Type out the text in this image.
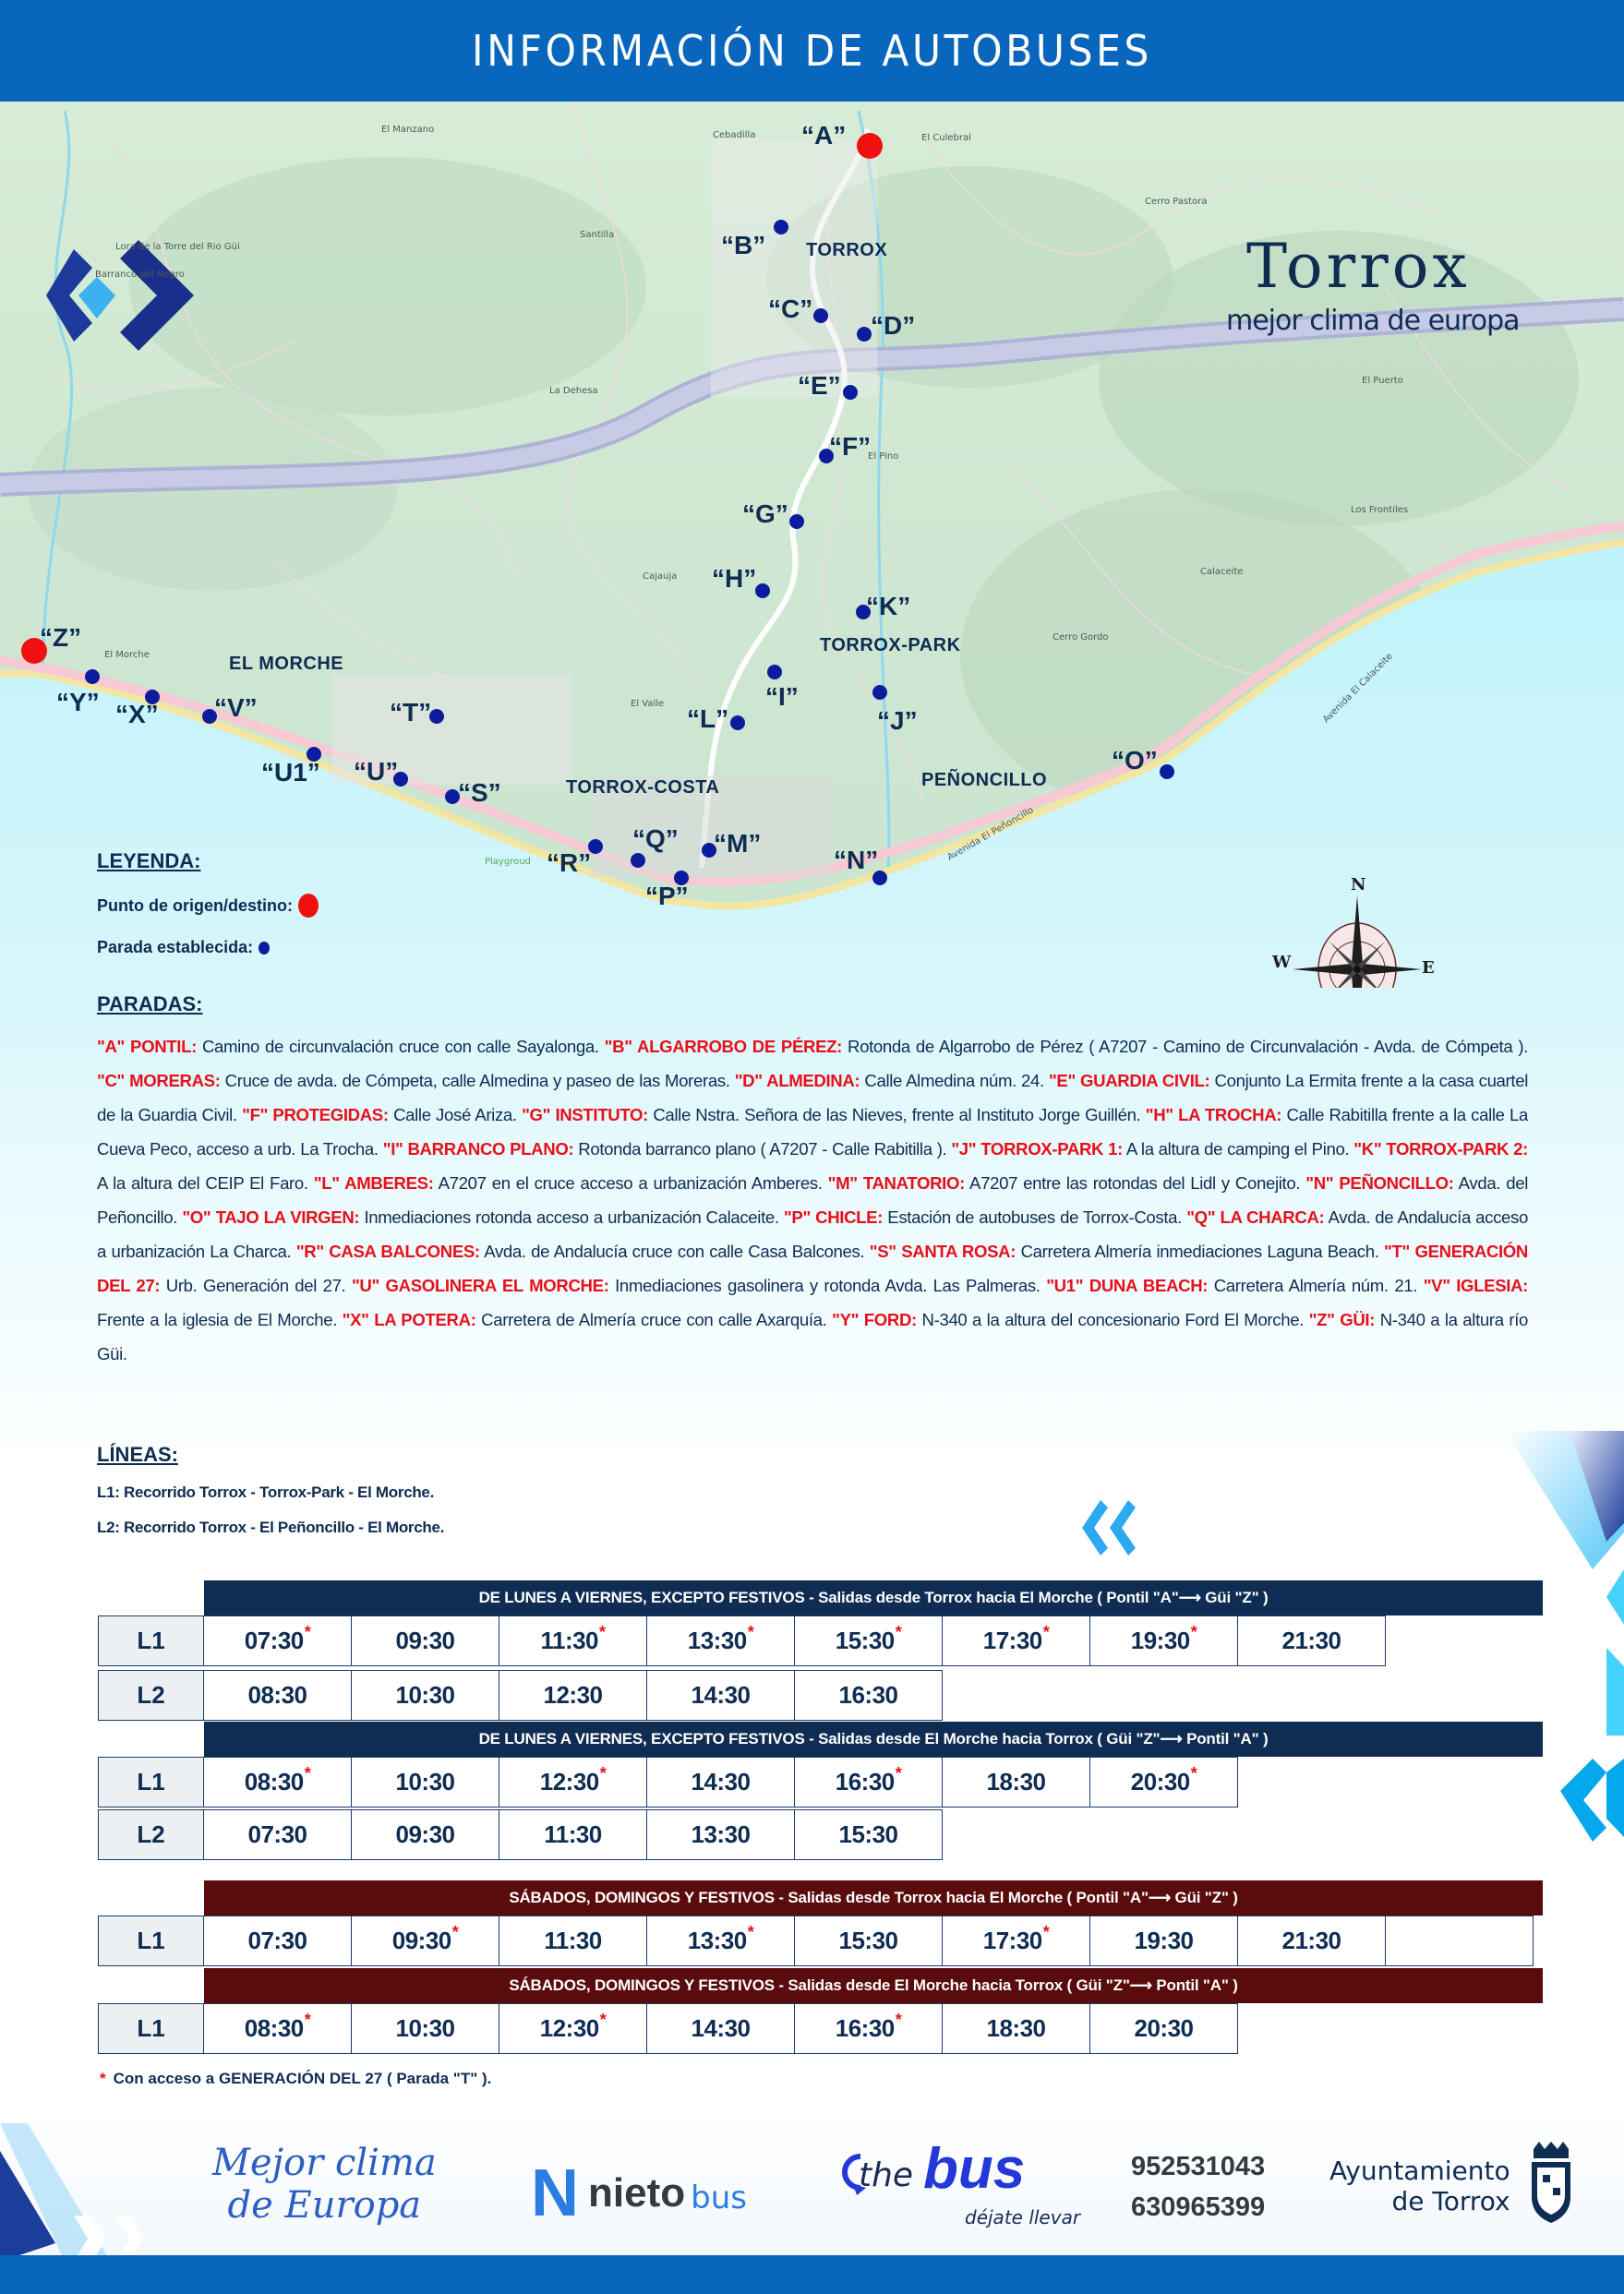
INFORMACIÓN DE AUTOBUSES
Lora de la Torre del Rio Güi
Barranco del Negro
El Manzano
Cebadilla	El Culebral
Cerro Pastora
Santilla
La Dehesa
El Pino
El Puerto
Los Frontiles
Cajauja	Calaceite
Cerro Gordo
El Valle
El Morche
Playgroud	Avenida El Peñoncillo
Avenida El Calaceite
Torrox
mejor clima de europa
TORROX
TORROX-PARK
EL MORCHE
TORROX-COSTA	PEÑONCILLO
“A”
“B”
“C”
“D”
“E”
“F”
“G”
“H”
“I”
“J”
“K”
“L”
“M”
“N”
“O”
“P”
“Q”
“R”
“S”
“T”
“U”
“U1”
“V”
“X”
“Y”
“Z”
N
E
W
LEYENDA:
Punto de origen/destino:
Parada establecida:
PARADAS:
"A" PONTIL: Camino de circunvalación cruce con calle Sayalonga. "B" ALGARROBO DE PÉREZ: Rotonda de Algarrobo de Pérez ( A7207 - Camino de Circunvalación - Avda. de Cómpeta ). "C" MORERAS: Cruce de avda. de Cómpeta, calle Almedina y paseo de las Moreras. "D" ALMEDINA: Calle Almedina núm. 24. "E" GUARDIA CIVIL: Conjunto La Ermita frente a la casa cuartel de la Guardia Civil. "F" PROTEGIDAS: Calle José Ariza. "G" INSTITUTO: Calle Nstra. Señora de las Nieves, frente al Instituto Jorge Guillén. "H" LA TROCHA: Calle Rabitilla frente a la calle La Cueva Peco, acceso a urb. La Trocha. "I" BARRANCO PLANO: Rotonda barranco plano ( A7207 - Calle Rabitilla ). "J" TORROX-PARK 1: A la altura de camping el Pino. "K" TORROX-PARK 2: A la altura del CEIP El Faro. "L" AMBERES: A7207 en el cruce acceso a urbanización Amberes. "M" TANATORIO: A7207 entre las rotondas del Lidl y Conejito. "N" PEÑONCILLO: Avda. del Peñoncillo. "O" TAJO LA VIRGEN: Inmediaciones rotonda acceso a urbanización Calaceite. "P" CHICLE: Estación de autobuses de Torrox-Costa. "Q" LA CHARCA: Avda. de Andalucía acceso a urbanización La Charca. "R" CASA BALCONES: Avda. de Andalucía cruce con calle Casa Balcones. "S" SANTA ROSA: Carretera Almería inmediaciones Laguna Beach. "T" GENERACIÓN DEL 27: Urb. Generación del 27. "U" GASOLINERA EL MORCHE: Inmediaciones gasolinera y rotonda Avda. Las Palmeras. "U1" DUNA BEACH: Carretera Almería núm. 21. "V" IGLESIA: Frente a la iglesia de El Morche. "X" LA POTERA: Carretera de Almería cruce con calle Axarquía. "Y" FORD: N-340 a la altura del concesionario Ford El Morche. "Z" GÜI: N-340 a la altura río Güi.
LÍNEAS:
L1: Recorrido Torrox - Torrox-Park - El Morche.
L2: Recorrido Torrox - El Peñoncillo - El Morche.
DE LUNES A VIERNES, EXCEPTO FESTIVOS - Salidas desde Torrox hacia El Morche ( Pontil "A"⟶ Güi "Z" )
L1	07:30 *	09:30	11:30 *	13:30 *	15:30 *	17:30 *	19:30 *	21:30
L2	08:30	10:30	12:30	14:30	16:30
DE LUNES A VIERNES, EXCEPTO FESTIVOS - Salidas desde El Morche hacia Torrox ( Güi "Z"⟶ Pontil "A" )
L1	08:30 *	10:30	12:30 *	14:30	16:30 *	18:30	20:30 *
L2	07:30	09:30	11:30	13:30	15:30
SÁBADOS, DOMINGOS Y FESTIVOS - Salidas desde Torrox hacia El Morche ( Pontil "A"⟶ Güi "Z" )
L1	07:30	09:30 *	11:30	13:30 *	15:30	17:30 *	19:30	21:30
SÁBADOS, DOMINGOS Y FESTIVOS - Salidas desde El Morche hacia Torrox ( Güi "Z"⟶ Pontil "A" )
L1	08:30 *	10:30	12:30 *	14:30	16:30 *	18:30	20:30
* Con acceso a GENERACIÓN DEL 27 ( Parada "T" ).
Mejor clima
de Europa N nieto bus
the bus
déjate llevar
952531043
630965399
Ayuntamiento
de Torrox
